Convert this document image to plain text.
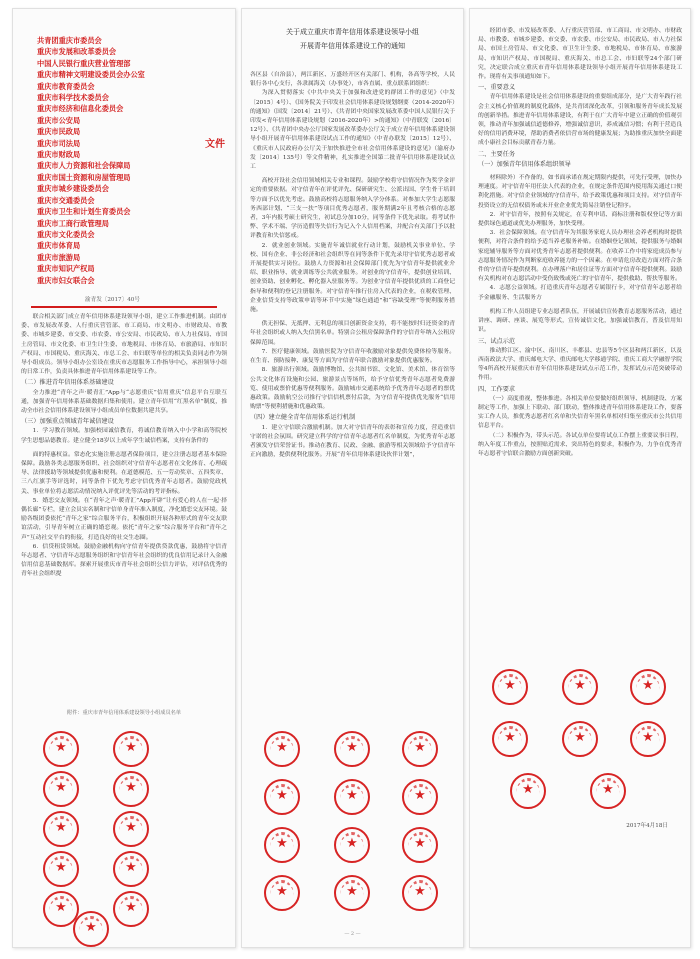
共青团重庆市委员会
重庆市发展和改革委员会
中国人民银行重庆营业管理部
重庆市精神文明建设委员会办公室
重庆市教育委员会
重庆市科学技术委员会
重庆市经济和信息化委员会
重庆市公安局
重庆市民政局
重庆市司法局
重庆市财政局
重庆市人力资源和社会保障局
重庆市国土资源和房屋管理局
重庆市城乡建设委员会
重庆市交通委员会
重庆市卫生和计划生育委员会
重庆市工商行政管理局
重庆市文化委员会
重庆市体育局
重庆市旅游局
重庆市知识产权局
重庆市妇女联合会
文件
渝青发〔2017〕40号

联合相关部门成立青年信用体系建设领导小组，建立工作推进机制。由团市委、市发展改革委、人行重庆营管部、市工商局、市文明办、市财政局、市教委、市城乡建委、市交委、市农委、市公安局、市民政局、市人力社保局、市国土房管局、市文化委、市卫生计生委、市地税局、市体育局、市旅游局、市知识产权局、市国税局、重庆海关、市总工会、市妇联等单位的相关负责同志作为领导小组成员。领导小组办公室设在重庆市志愿服务工作指导中心，承担领导小组的日常工作，负责具体推进青年信用体系建设等工作。

（二）推进青年信用体系基础建设

全力推进“青年之声·暖青汇”App与“志愿重庆”信用重庆“信息平台互联互通，加强青年信用体系基础数据归集和使用。建立青年信用“红黑名单”制度，推动全市社会信用体系建设领导小组成员单位数据共建共享。

（三）加强重点领域青年诚信建设

1．学习教育领域。加强校园诚信教育，将诚信教育纳入中小学和高等院校学生思想品德教育。建立健全18岁以上成年学生诚信档案，支持有条件的

面的特惠权益。常态化实施注册志愿者保险项目，建立注册志愿者基本保险保障。鼓励各类志愿服务组织、社会组织对守信青年志愿者在文化体育、心理疏导、法律援助等领域提供优惠和便利。在道德模范、五一劳动奖章、五四奖章、三八红旗手等评选时，同等条件下优先考虑守信优秀青年志愿者。鼓励党政机关、事业单位将志愿活动情况纳入评优评先等活动的考评指标。

5．婚恋交友领域。在“青年之声·暖青汇”App开辟“让有爱心的人在一起·择偶长廊”专栏，建立会员实名制和守信单身青年准入制度，净化婚恋交友环境。鼓励各级团委依托“青年之家”综合服务平台，积极组织开展各种形式的青年交友联谊活动，引导青年树立正确的婚恋观。依托“青年之家”综合服务平台和“青年之声”互动社交平台的衔接，打造良好的社交生态圈。

6．信贷租赁领域。鼓励金融机构向守信青年提供贷款优惠，鼓励将守信青年志愿者、守信青年志愿服务组织和守信青年社会组织的优良信用记录计入金融信用信息基础数据库。探索开展重庆市青年社会组织公信力评估，对评估优秀的青年社会组织提

附件：重庆市青年信用体系建设领导小组成员名单
★	★
★	★
★	★
★	★
★	★
★
关于成立重庆市青年信用体系建设领导小组
开展青年信用体系建设工作的通知

各区县（自治县），两江新区、万盛经开区有关部门、机构，各高等学校，人民银行各中心支行，各隶属海关（办事处），市各直属、重点联系团组织：

为深入贯彻落实《中共中央关于加强和改进党的群团工作的意见》（中发〔2015〕4号）、《国务院关于印发社会信用体系建设规划纲要（2014-2020年）的通知》（国发〔2014〕21号）、《共青团中央国家发展改革委中国人民银行关于印发<青年信用体系建设规划（2016-2020年）>的通知》（中青联发〔2016〕12号）、《共青团中央办公厅国家发展改革委办公厅关于成立青年信用体系建设领导小组开展青年信用体系建设试点工作的通知》（中青办联发〔2015〕12号）、《重庆市人民政府办公厅关于加快推进全市社会信用体系建设的意见》（渝府办发〔2014〕135号）等文件精神，扎实推进全国第二批青年信用体系建设试点工

高校开设社会信用领域相关专业和课程。鼓励学校将守信情况作为奖学金评定的重要依据。对守信青年在评优评先、保研研究生、公派出国、学生骨干培训等方面予以优先考虑。鼓励高校将志愿服务纳入学分体系。对参加大学生志愿服务西部计划、“三支一扶”等项目优秀志愿者，服务期满2年且考核合格的志愿者，3年内报考硕士研究生，初试总分加10分，同等条件下优先录取。将考试作弊、学术不端、学历造假等失信行为记入个人信用档案，并配合有关部门予以批评教育和失信惩戒。

2．就业创业领域。实施青年诚信就业行动计划，鼓励机关事业单位、学校、国有企业、非公经济和社会组织等在同等条件下优先录用守信优秀志愿者或开展提供实习岗位。鼓励人力资源和社会保障部门优先为守信青年提供就业介绍、职业指导、就业训练等公共就业服务。对创业的守信青年，提供创业培训、创业资助、创业孵化、孵化器入驻服务等。为创业守信青年提供优质的工商登记指导和便利的登记注册服务。对守信青年推行住房入代表的企业，在税收管理、企业信贷支持等政策申请等环节中实施“绿色通道”和“容缺受理”等便利服务措施。

供无担保、无抵押、无利息的项目创新资金支持，将不能按时归还资金的青年社会组织或人纳入失信黑名单。特别合公租房保障条件的守信青年纳入公租房保障范围。

7．医疗健康领域。鼓励医院为守信青年收激励对象提供免费体检等服务。在生育、预防接种、康复等方面为守信青年联合激励对象提供优惠服务。

8．旅游出行领域。鼓励博物馆、公共图书馆、文化馆、美术馆、体育馆等公共文化体育设施和公园、旅游景点等场所，给予守信优秀青年志愿者免费游览、使用或票价优惠等便利服务。鼓励城市交通系统给予优秀青年志愿者的票优惠政策。鼓励航空公司推行守信信机票付后款，为守信青年提供优先服务“信用购票”等便利措施和优惠政策。

（四）建立健全青年信用体系运行机制

1．建立守信联合激励机制。加大对守信青年的表彰和宣传力度，营造重信守诺的社会氛围。研究建立科学的守信青年志愿者红名单制度，为优秀青年志愿者颁发守信荣誉证书。推动在教育、民政、金融、旅游等相关领域给予守信青年正向激励，提供便利化服务。开展“青年信用体系建设伙伴计划”，

★	★	★
★	★	★
★	★	★
★	★	★
— 2 —

经团市委、市发展改革委、人行重庆营管部、市工商局、市文明办、市财政局、市教委、市城乡建委、市交委、市农委、市公安局、市民政局、市人力社保局、市国土房管局、市文化委、市卫生计生委、市地税局、市体育局、市旅游局、市知识产权局、市国税局、重庆海关、市总工会、市妇联等24个部门研究，决定联合成立重庆市青年信用体系建设领导小组开展青年信用体系建设工作。现将有关事项通知如下。

一、重要意义

青年信用体系建设是社会信用体系建设的重要组成部分，是广大青年践行社会主义核心价值观的制度化载体，是共青团深化改革，引领和服务青年成长发展的创新举措。推进青年信用体系建设，有利于在广大青年中建立正确的价值观引领，推动青年加强诚信道德修养，增强诚信意识，养成诚信习惯；有利于营造良好的信用消费环境，帮助消费者依信营市场的健康发展；为助推重庆加快全面建成小康社会目标贡献青春力量。

二、主要任务
（一）加强青年信用体系组织领导

材料除外）不作备的，如书面承诺在规定期限内提供，可先行受理，加快办理速度。对守信青年用任法人代表的企业，在规定条件范围内使用海关通过口便利化措施。对守信企业领域的守信青年，给予政策优惠和项目支持。对守信青年投资设立的无信权债务或未开业企业优先简易注销登记程序。

2．对守信青年，按照有关规定，在专利申请、商标注册和版权登记等方面提供绿色通道或优先办理服务，加快受理。

3．社会保障领域。在守信青年为其服务家庭人员办理社会养老机构时提供便利，对符合条件的给予适当养老服务补贴。在婚姻登记领域，提供服务与婚姻家庭辅导服务等方面对优秀青年志愿者提供便利。在收养工作中将家庭成员参与志愿服务情况作为判断家庭收养能力的一个因素。在申请危房改造方面对符合条件的守信青年提供便利。在办理落户和居住证等方面对守信青年提供便利。鼓励有关机构对在志愿活动中受伤致残或死亡的守信青年，提供救助、帮扶等服务。

4．志愿公益领域。打造重庆青年志愿者专属银行卡，对守信青年志愿者给予金融服务、生活服务方

机构工作人员组建专业志愿者队伍，开展诚信宣传教育志愿服务活动，通过讲座、调研、座谈、展览等形式，宣传诚信文化，加强诚信教育，普及信用知识。

三、试点示范

推动黔江区、渝中区、南川区、丰都县、忠县等5个区县和两江新区，以及西南政法大学、重庆邮电大学、重庆邮电大学移通学院、重庆工商大学融智学院等4所高校开展重庆市青年信用体系建设试点示范工作，发挥试点示范突破带动作用。

四、工作要求

（一）高度重视，整体推进。各相关单位要做好组织领导、机制建设、方案制定等工作，加强上下联动、部门联动，整体推进青年信用体系建设工作，要落实工作人员，推优秀志愿者红名单和失信青年黑名单相对归集至重庆市公共信用信息平台。

（二）积极作为，带头示范。各试点单位要将试点工作摆上重要议事日程，纳入年度工作重点，按照贴近需求、突出特色的要求，积极作为，力争在优秀青年志愿者守信联合激励方面创新突破。

★	★	★
★	★	★
★	★
2017年4月18日
